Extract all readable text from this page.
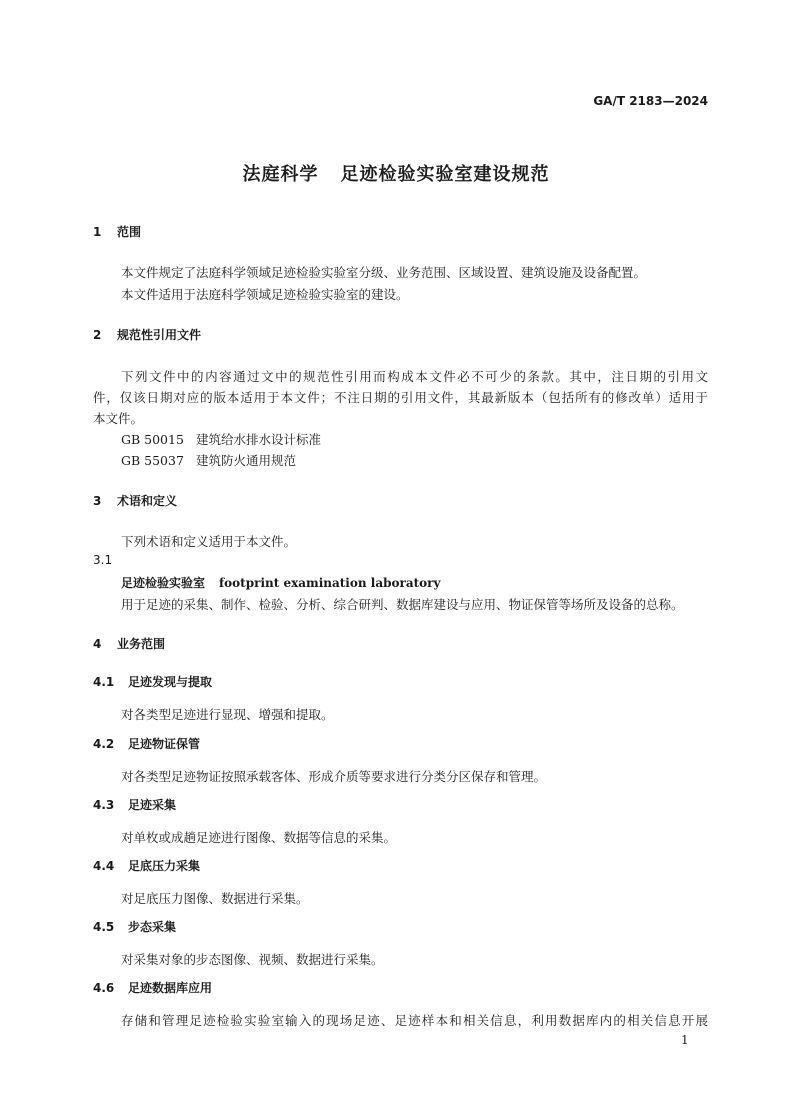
GA/T 2183—2024
法庭科学 足迹检验实验室建设规范
1 范围
本文件规定了法庭科学领域足迹检验实验室分级、业务范围、区域设置、建筑设施及设备配置。
本文件适用于法庭科学领域足迹检验实验室的建设。
2 规范性引用文件
下列文件中的内容通过文中的规范性引用而构成本文件必不可少的条款。其中，注日期的引用文
件，仅该日期对应的版本适用于本文件；不注日期的引用文件，其最新版本（包括所有的修改单）适用于
本文件。
GB 50015 建筑给水排水设计标准
GB 55037 建筑防火通用规范
3 术语和定义
下列术语和定义适用于本文件。
3.1
足迹检验实验室 footprint examination laboratory
用于足迹的采集、制作、检验、分析、综合研判、数据库建设与应用、物证保管等场所及设备的总称。
4 业务范围
4.1 足迹发现与提取
对各类型足迹进行显现、增强和提取。
4.2 足迹物证保管
对各类型足迹物证按照承载客体、形成介质等要求进行分类分区保存和管理。
4.3 足迹采集
对单枚或成趟足迹进行图像、数据等信息的采集。
4.4 足底压力采集
对足底压力图像、数据进行采集。
4.5 步态采集
对采集对象的步态图像、视频、数据进行采集。
4.6 足迹数据库应用
存储和管理足迹检验实验室输入的现场足迹、足迹样本和相关信息，利用数据库内的相关信息开展
1
